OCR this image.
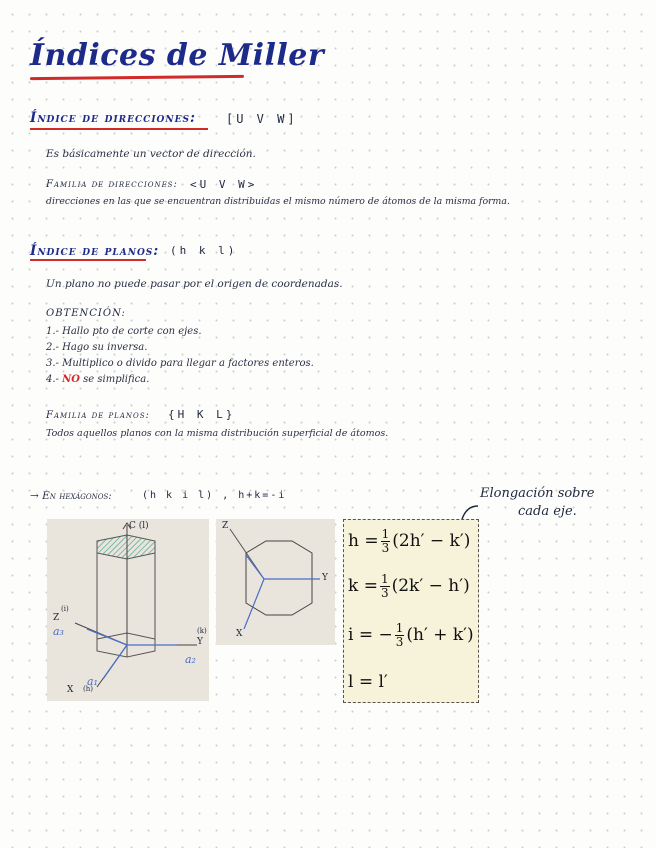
Índices de Miller
Índice de direcciones:	[U V W]
Es básicamente un vector de dirección.
Familia de direcciones: <U V W>
direcciones en las que se encuentran distribuidas el mismo número de átomos de la misma forma.
Índice de planos: (h k l)
Un plano no puede pasar por el origen de coordenadas.
OBTENCIÓN:
1.- Hallo pto de corte con ejes.
2.- Hago su inversa.
3.- Multiplico o divido para llegar a factores enteros.
4.- NO se simplifica.
Familia de planos: {H K L}
Todos aquellos planos con la misma distribución superficial de átomos.
→ En hexágonos:	(h k i l) , h+k=-i	Elongación sobre
cada eje.
C (l)
Z
(i)
a₃
Y
(k)
a₂
X (h)
a₁
Z
Y
X
$h = \frac{1}{3} (2h' - k')$
$k = \frac{1}{3} (2k' - h')$
i = − $\frac{1}{3} (h' + k')$
l = l′
